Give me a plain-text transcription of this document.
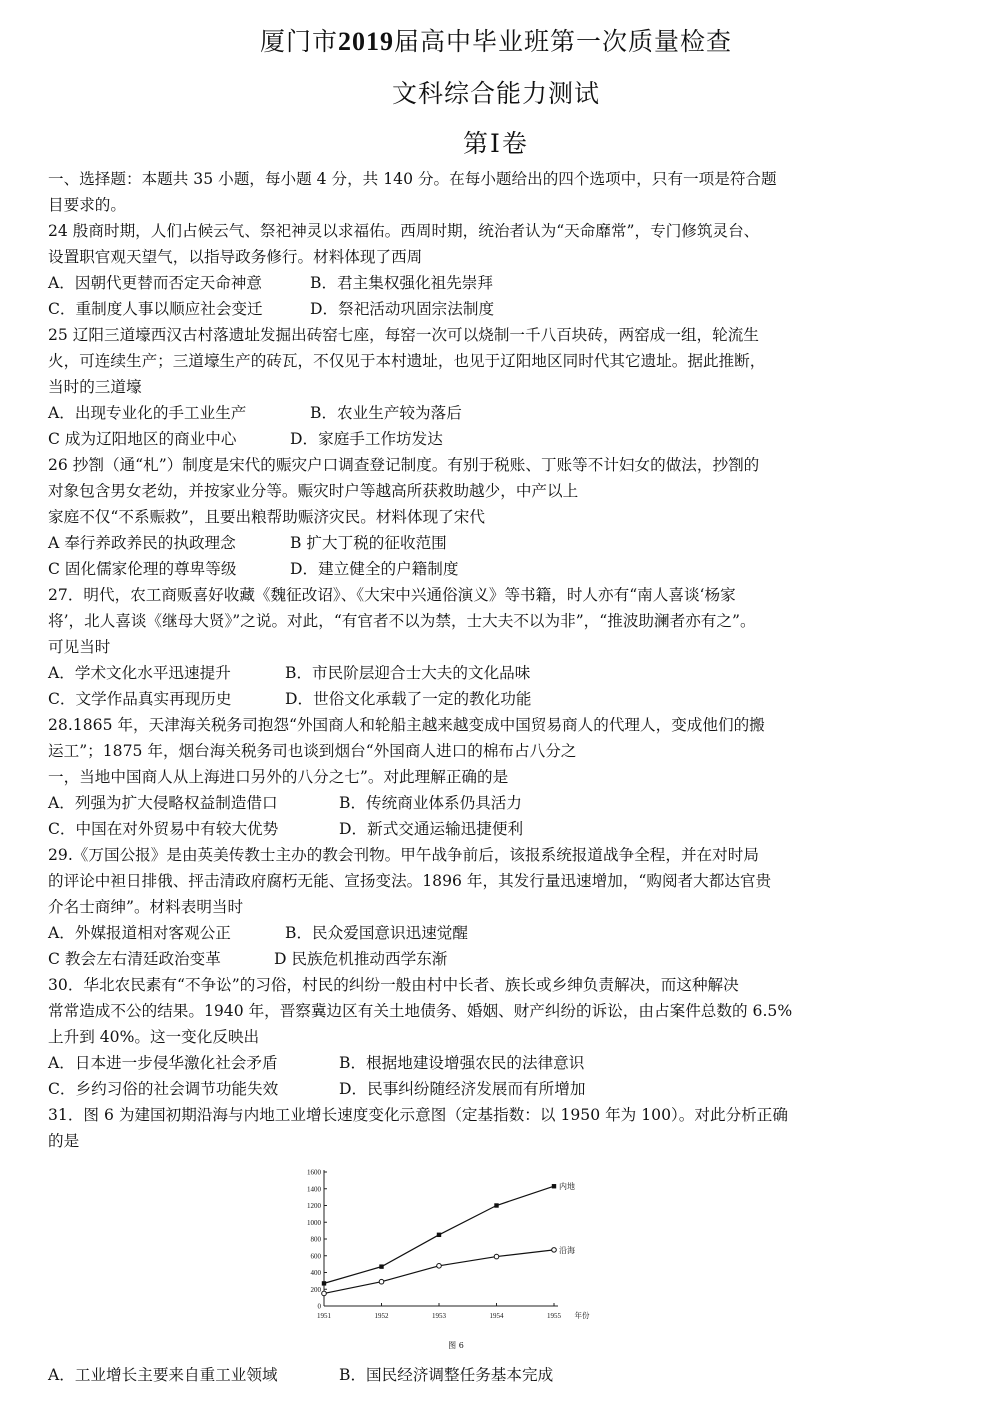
厦门市2019届高中毕业班第一次质量检查
文科综合能力测试
第Ⅰ卷
一、选择题：本题共 35 小题，每小题 4 分，共 140 分。在每小题给出的四个选项中，只有一项是符合题
目要求的。
24 殷商时期，人们占候云气、祭祀神灵以求福佑。西周时期，统治者认为“天命靡常”，专门修筑灵台、
设置职官观天望气，以指导政务修行。材料体现了西周
A．因朝代更替而否定天命神意	B．君主集权强化祖先崇拜
C．重制度人事以顺应社会变迁	D．祭祀活动巩固宗法制度
25 辽阳三道壕西汉古村落遗址发掘出砖窑七座，每窑一次可以烧制一千八百块砖，两窑成一组，轮流生
火，可连续生产；三道壕生产的砖瓦，不仅见于本村遗址，也见于辽阳地区同时代其它遗址。据此推断，
当时的三道壕
A．出现专业化的手工业生产	B．农业生产较为落后
C 成为辽阳地区的商业中心	D．家庭手工作坊发达
26 抄劄（通“札”）制度是宋代的赈灾户口调查登记制度。有别于税账、丁账等不计妇女的做法，抄劄的
对象包含男女老幼，并按家业分等。赈灾时户等越高所获救助越少，中产以上
家庭不仅“不系赈救”，且要出粮帮助赈济灾民。材料体现了宋代
A 奉行养政养民的执政理念	B 扩大丁税的征收范围
C 固化儒家伦理的尊卑等级	D．建立健全的户籍制度
27．明代，农工商贩喜好收藏《魏征改诏》、《大宋中兴通俗演义》等书籍，时人亦有“南人喜谈‘杨家
将’，北人喜谈《继母大贤》”之说。对此，“有官者不以为禁，士大夫不以为非”，“推波助澜者亦有之”。
可见当时
A．学术文化水平迅速提升	B．市民阶层迎合士大夫的文化品味
C．文学作品真实再现历史	D．世俗文化承载了一定的教化功能
28.1865 年，天津海关税务司抱怨“外国商人和轮船主越来越变成中国贸易商人的代理人，变成他们的搬
运工”；1875 年，烟台海关税务司也谈到烟台“外国商人进口的棉布占八分之
一，当地中国商人从上海进口另外的八分之七”。对此理解正确的是
A．列强为扩大侵略权益制造借口	B．传统商业体系仍具活力
C．中国在对外贸易中有较大优势	D．新式交通运输迅捷便利
29.《万国公报》是由英美传教士主办的教会刊物。甲午战争前后，该报系统报道战争全程，并在对时局
的评论中袒日排俄、抨击清政府腐朽无能、宣扬变法。1896 年，其发行量迅速增加，“购阅者大都达官贵
介名士商绅”。材料表明当时
A．外媒报道相对客观公正	B．民众爱国意识迅速觉醒
C 教会左右清廷政治变革	D 民族危机推动西学东渐
30．华北农民素有“不争讼”的习俗，村民的纠纷一般由村中长者、族长或乡绅负责解决，而这种解决
常常造成不公的结果。1940 年，晋察冀边区有关土地债务、婚姻、财产纠纷的诉讼，由占案件总数的 6.5%
上升到 40%。这一变化反映出
A．日本进一步侵华激化社会矛盾	B．根据地建设增强农民的法律意识
C．乡约习俗的社会调节功能失效	D．民事纠纷随经济发展而有所增加
31．图 6 为建国初期沿海与内地工业增长速度变化示意图（定基指数：以 1950 年为 100）。对此分析正确
的是
0
200
400
600
800
1000
1200
1400
1600
1951	1952	1953	1954	1955 年份
内地
沿海
图 6
A．工业增长主要来自重工业领域	B．国民经济调整任务基本完成
